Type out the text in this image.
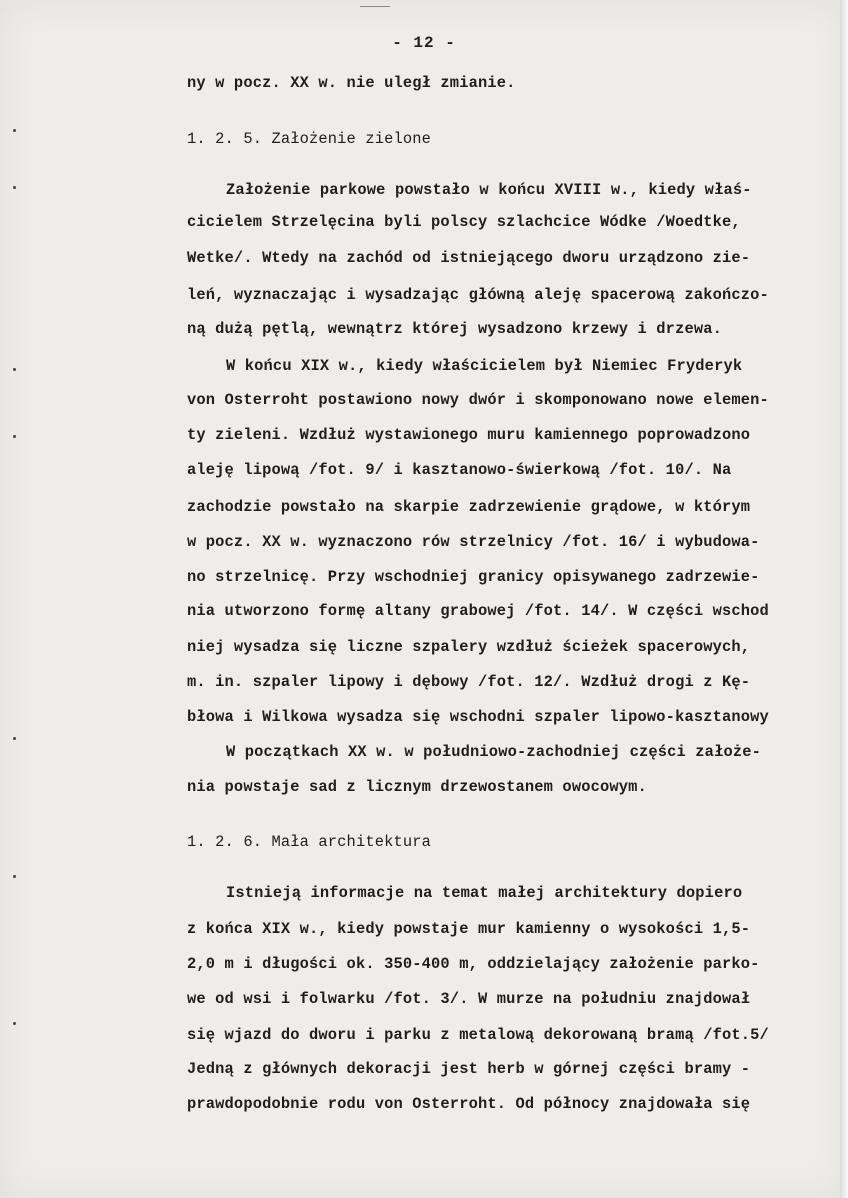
- 12 -
ny w pocz. XX w. nie uległ zmianie.
1. 2. 5. Założenie zielone
Założenie parkowe powstało w końcu XVIII w., kiedy właś-
cicielem Strzelęcina byli polscy szlachcice Wódke /Woedtke,
Wetke/. Wtedy na zachód od istniejącego dworu urządzono zie-
leń, wyznaczając i wysadzając główną aleję spacerową zakończo-
ną dużą pętlą, wewnątrz której wysadzono krzewy i drzewa.
W końcu XIX w., kiedy właścicielem był Niemiec Fryderyk
von Osterroht postawiono nowy dwór i skomponowano nowe elemen-
ty zieleni. Wzdłuż wystawionego muru kamiennego poprowadzono
aleję lipową /fot. 9/ i kasztanowo-świerkową /fot. 10/. Na
zachodzie powstało na skarpie zadrzewienie grądowe, w którym
w pocz. XX w. wyznaczono rów strzelnicy /fot. 16/ i wybudowa-
no strzelnicę. Przy wschodniej granicy opisywanego zadrzewie-
nia utworzono formę altany grabowej /fot. 14/. W części wschod
niej wysadza się liczne szpalery wzdłuż ścieżek spacerowych,
m. in. szpaler lipowy i dębowy /fot. 12/. Wzdłuż drogi z Kę-
błowa i Wilkowa wysadza się wschodni szpaler lipowo-kasztanowy
W początkach XX w. w południowo-zachodniej części założe-
nia powstaje sad z licznym drzewostanem owocowym.
1. 2. 6. Mała architektura
Istnieją informacje na temat małej architektury dopiero
z końca XIX w., kiedy powstaje mur kamienny o wysokości 1,5-
2,0 m i długości ok. 350-400 m, oddzielający założenie parko-
we od wsi i folwarku /fot. 3/. W murze na południu znajdował
się wjazd do dworu i parku z metalową dekorowaną bramą /fot.5/
Jedną z głównych dekoracji jest herb w górnej części bramy -
prawdopodobnie rodu von Osterroht. Od północy znajdowała się
